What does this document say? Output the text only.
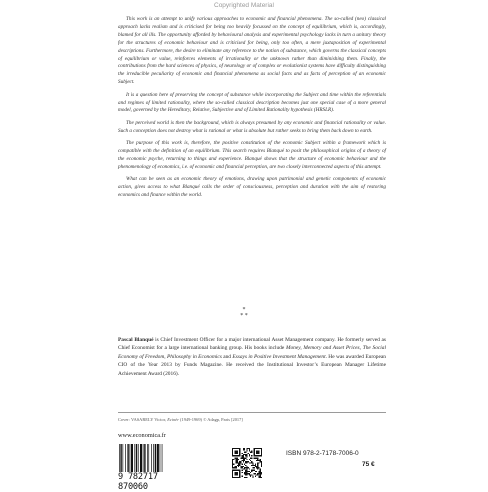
Copyrighted Material

This work is an attempt to unify various approaches to economic and financial phenomena. The so-called (neo) classical approach lacks realism and is criticised for being too heavily focussed on the concept of equilibrium, which is, accordingly, blamed for all ills. The opportunity afforded by behavioural analysis and experimental psychology lacks in turn a unitary theory for the structures of economic behaviour and is criticised for being, only too often, a mere juxtaposition of experimental descriptions. Furthermore, the desire to eliminate any reference to the notion of substance, which governs the classical concepts of equilibrium or value, reinforces elements of irrationality or the unknown rather than diminishing them. Finally, the contributions from the hard sciences of physics, of neurology or of complex or evolutionist systems have difficulty distinguishing the irreducible peculiarity of economic and financial phenomena as social facts and as facts of perception of an economic Subject.

It is a question here of preserving the concept of substance while incorporating the Subject and time within the referentials and regimes of limited rationality, where the so-called classical description becomes just one special case of a more general model, governed by the Hereditary, Relative, Subjective and of Limited Rationality hypothesis (HRSLR).

The perceived world is then the background, which is always presumed by any economic and financial rationality or value. Such a conception does not destroy what is rational or what is absolute but rather seeks to bring them back down to earth.

The purpose of this work is, therefore, the positive constitution of the economic Subject within a framework which is compatible with the definition of an equilibrium. This search requires Blanqué to posit the philosophical origins of a theory of the economic psyche, returning to things and experience. Blanqué shows that the structure of economic behaviour and the phenomenology of economics, i.e. of economic and financial perception, are two closely interconnected aspects of this attempt.

What can be seen as an economic theory of emotions, drawing upon patrimonial and genetic components of economic action, gives access to what Blanqué calls the order of consciousness, perception and duration with the aim of restoring economics and finance within the world.

*
* *

Pascal Blanqué is Chief Investment Officer for a major international Asset Management company. He formerly served as Chief Economist for a large international banking group. His books include Money, Memory and Asset Prices, The Social Economy of Freedom, Philosophy in Economics and Essays in Positive Investment Management. He was awarded European CIO of the Year 2013 by Funds Magazine. He received the Institutional Investor’s European Manager Lifetime Achievement Award (2016).

Cover: VASARELY Victor, Ecinèr (1949-1969) © Adagp, Paris [2017]
www.economica.fr
9 782717 870060
ISBN 978-2-7178-7006-0
75 €
